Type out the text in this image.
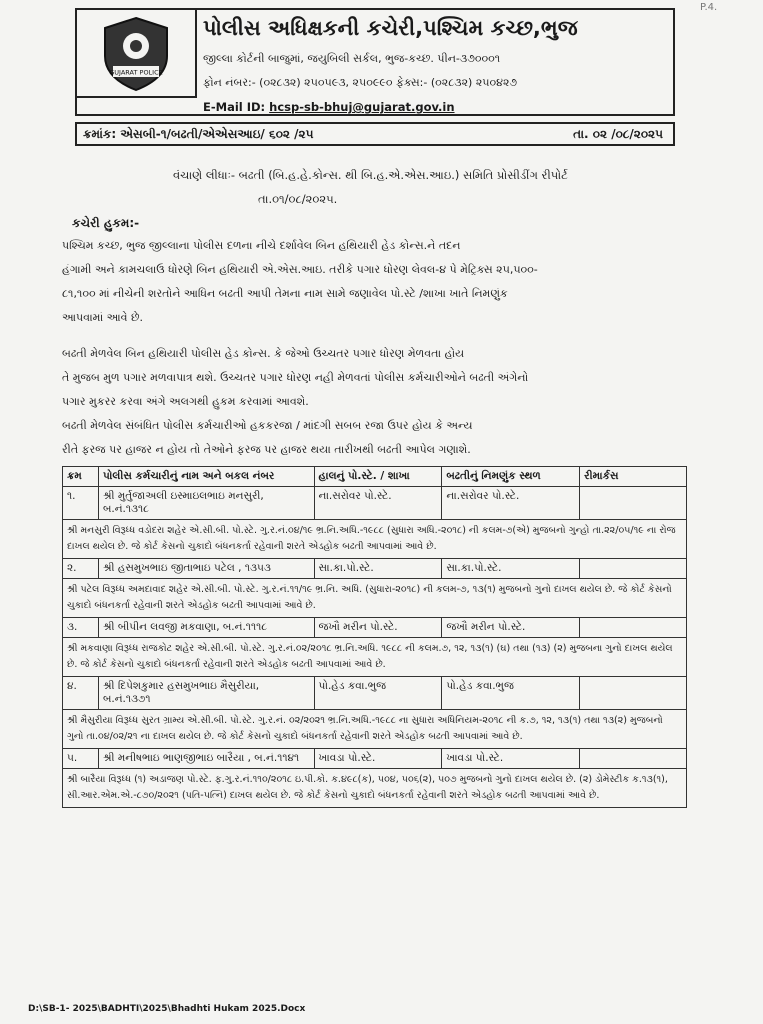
P.4.
GUJARAT POLICE
પોલીસ અધિક્ષકની કચેરી,પશ્ચિમ કચ્છ,ભુજ
જીલ્લા કોર્ટની બાજુમાં, જયુબિલી સર્કલ, ભુજ-કચ્છ. પીન-૩૭૦૦૦૧
ફોન નંબર:- (૦૨૮૩૨) ૨૫૦૫૯૩, ૨૫૦૯૯૦ ફેક્સ:- (૦૨૮૩૨) ૨૫૦૪૨૭
E-Mail ID: hcsp-sb-bhuj@gujarat.gov.in
ક્રમાંક: એસબી-૧/બઢતી/એએસઆઇ/ ૬૦૨ /૨૫	તા. ૦૨ /૦૮/૨૦૨૫
વંચાણે લીધાઃ- બઢતી (બિ.હ.હે.કોન્સ. થી બિ.હ.એ.એસ.આઇ.) સમિતિ પ્રોસીડીંગ રીપોર્ટ
તા.૦૧/૦૮/૨૦૨૫.
કચેરી હુકમ:-
પશ્ચિમ કચ્છ, ભુજ જીલ્લાના પોલીસ દળના નીચે દર્શાવેલ બિન હથિયારી હેડ કોન્સ.ને તદન
હંગામી અને કામચલાઉ ધોરણે બિન હથિયારી એ.એસ.આઇ. તરીકે પગાર ધોરણ લેવલ-૪ પે મેટ્રિક્સ ૨૫,૫૦૦-
૮૧,૧૦૦ માં નીચેની શરતોને આધિન બઢતી આપી તેમના નામ સામે જણાવેલ પો.સ્ટે /શાખા ખાતે નિમણુંક
આપવામાં આવે છે.
બઢતી મેળવેલ બિન હથિયારી પોલીસ હેડ કોન્સ. કે જેઓ ઉચ્ચતર પગાર ધોરણ મેળવતા હોય
તે મુજબ મુળ પગાર મળવાપાત્ર થશે. ઉચ્ચતર પગાર ધોરણ નહી મેળવતાં પોલીસ કર્મચારીઓને બઢતી અંગેનો
પગાર મુકરર કરવા અંગે અલગથી હુકમ કરવામાં આવશે.
બઢતી મેળવેલ સંબંધિત પોલીસ કર્મચારીઓ હકકરજા / માંદગી સબબ રજા ઉપર હોય કે અન્ય
રીતે ફરજ પર હાજર ન હોય તો તેઓને ફરજ પર હાજર થયા તારીખથી બઢતી આપેલ ગણાશે.
ક્રમ	પોલીસ કર્મચારીનું નામ અને બકલ નંબર	હાલનું પો.સ્ટે. / શાખા	બઢતીનું નિમણુંક સ્થળ	રીમાર્કસ
૧.	શ્રી મુર્તુજાઅલી ઇસ્માઇલભાઇ મનસુરી, બ.નં.૧૩૧૮	ના.સરોવર પો.સ્ટે.	ના.સરોવર પો.સ્ટે.	
શ્રી મનસુરી વિરૂધ્ધ વડોદરા શહેર એ.સી.બી. પો.સ્ટે. ગુ.ર.નં.૦૪/૧૯ ભ્ર.નિ.અધિ.-૧૯૮૮ (સુધારા અધિ.-૨૦૧૮) ની કલમ-૭(એ) મુજબનો ગુન્હો તા.૨૨/૦૫/૧૯ ના રોજ દાખલ થયેલ છે. જે કોર્ટ કેસનો ચુકાદો બંધનકર્તા રહેવાની શરતે એડહોક બઢતી આપવામાં આવે છે.				
૨.	શ્રી હસમુખભાઇ જીતાભાઇ પટેલ , ૧૩૫૩	સા.કા.પો.સ્ટે.	સા.કા.પો.સ્ટે.	
શ્રી પટેલ વિરૂધ્ધ અમદાવાદ શહેર એ.સી.બી. પો.સ્ટે. ગુ.ર.નં.૧૧/૧૯ ભ્ર.નિ. અધિ. (સુધારા-૨૦૧૮) ની કલમ-૭, ૧૩(૧) મુજબનો ગુનો દાખલ થયેલ છે. જે કોર્ટ કેસનો ચુકાદો બંધનકર્તા રહેવાની શરતે એડહોક બઢતી આપવામાં આવે છે.				
૩.	શ્રી બીપીન લવજી મકવાણા, બ.નં.૧૧૧૮	જખૌ મરીન પો.સ્ટે.	જખૌ મરીન પો.સ્ટે.	
શ્રી મકવાણા વિરૂધ્ધ રાજકોટ શહેર એ.સી.બી. પો.સ્ટે. ગુ.ર.નં.૦૨/૨૦૧૮ ભ્ર.નિ.અધિ. ૧૯૮૮ ની કલમ.૭, ૧૨, ૧૩(૧) (ઘ) તથા (૧૩) (૨) મુજબના ગુનો દાખલ થયેલ છે. જે કોર્ટ કેસનો ચુકાદો બંધનકર્તા રહેવાની શરતે એડહોક બઢતી આપવામાં આવે છે.				
૪.	શ્રી દિપેશકુમાર હસમુખભાઇ મૈસુરીયા, બ.નં.૧૩૭૧	પો.હેડ કવા.ભુજ	પો.હેડ કવા.ભુજ	
શ્રી મૈસુરીયા વિરૂધ્ધ સુરત ગ્રામ્ય એ.સી.બી. પો.સ્ટે. ગુ.ર.નં. ૦૨/૨૦૨૧ ભ્ર.નિ.અધિ.-૧૯૮૮ ના સુધારા અધિનિયમ-૨૦૧૮ ની ક.૭, ૧૨, ૧૩(૧) તથા ૧૩(૨) મુજબનો ગુનો તા.૦૪/૦૨/૨૧ ના દાખલ થયેલ છે. જે કોર્ટ કેસનો ચુકાદો બંધનકર્તા રહેવાની શરતે એડહોક બઢતી આપવામાં આવે છે.				
૫.	શ્રી મનીષભાઇ ભાણજીભાઇ બારૈયા , બ.નં.૧૧૪૧	ખાવડા પો.સ્ટે.	ખાવડા પો.સ્ટે.	
શ્રી બારૈયા વિરૂધ્ધ (૧) અડાજણ પો.સ્ટે. ફ.ગુ.ર.નં.૧૧૦/૨૦૧૮ ઇ.પી.કો. ક.૪૯૮(ક), ૫૦૪, ૫૦૬(૨), ૫૦૭ મુજબનો ગુનો દાખલ થયેલ છે. (૨) ડોમેસ્ટીક ક.૧૩(૧), સી.આર.એમ.એ.-૮૭૦/૨૦૨૧ (પતિ-પત્નિ) દાખલ થયેલ છે. જે કોર્ટ કેસનો ચુકાદો બંધનકર્તા રહેવાની શરતે એડહોક બઢતી આપવામાં આવે છે.				
D:\SB-1- 2025\BADHTI\2025\Bhadhti Hukam 2025.Docx
